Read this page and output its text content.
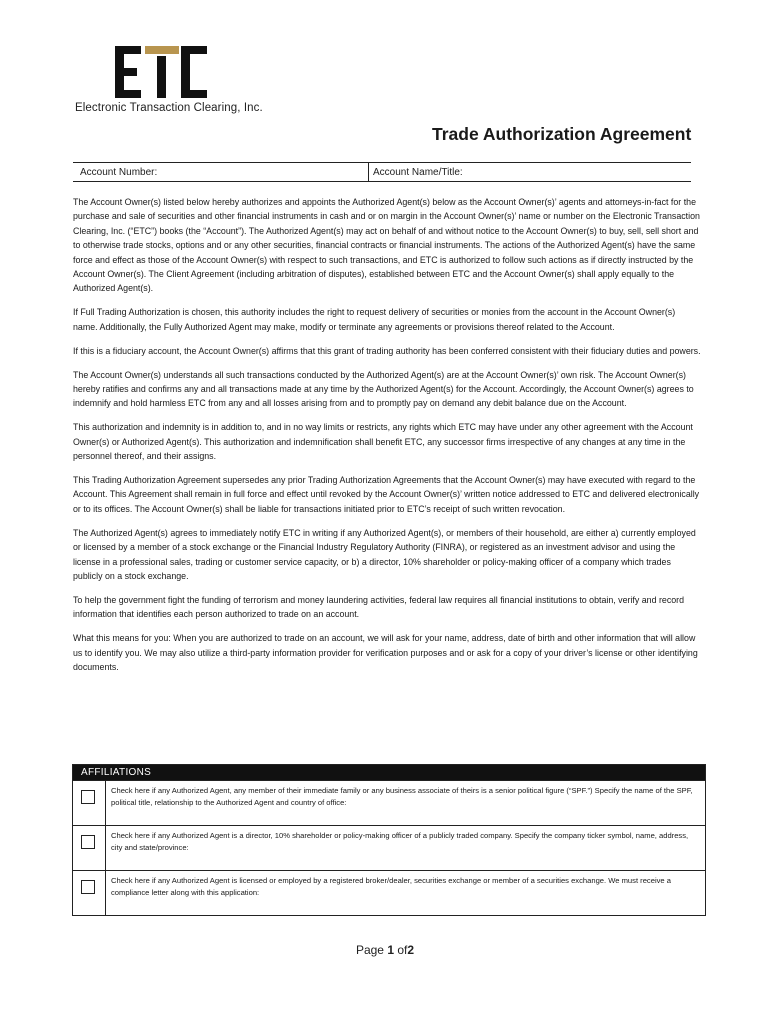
Electronic Transaction Clearing, Inc.
Trade Authorization Agreement
Account Number:	Account Name/Title:

The Account Owner(s) listed below hereby authorizes and appoints the Authorized Agent(s) below as the Account Owner(s)’ agents and attorneys-in-fact for the purchase and sale of securities and other financial instruments in cash and or on margin in the Account Owner(s)’ name or number on the Electronic Transaction Clearing, Inc. (“ETC”) books (the “Account”). The Authorized Agent(s) may act on behalf of and without notice to the Account Owner(s) to buy, sell, sell short and to otherwise trade stocks, options and or any other securities, financial contracts or financial instruments. The actions of the Authorized Agent(s) have the same force and effect as those of the Account Owner(s) with respect to such transactions, and ETC is authorized to follow such actions as if directly instructed by the Account Owner(s). The Client Agreement (including arbitration of disputes), established between ETC and the Account Owner(s) shall apply equally to the Authorized Agent(s).

If Full Trading Authorization is chosen, this authority includes the right to request delivery of securities or monies from the account in the Account Owner(s) name. Additionally, the Fully Authorized Agent may make, modify or terminate any agreements or provisions thereof related to the Account.

If this is a fiduciary account, the Account Owner(s) affirms that this grant of trading authority has been conferred consistent with their fiduciary duties and powers.

The Account Owner(s) understands all such transactions conducted by the Authorized Agent(s) are at the Account Owner(s)’ own risk. The Account Owner(s) hereby ratifies and confirms any and all transactions made at any time by the Authorized Agent(s) for the Account. Accordingly, the Account Owner(s) agrees to indemnify and hold harmless ETC from any and all losses arising from and to promptly pay on demand any debit balance due on the Account.

This authorization and indemnity is in addition to, and in no way limits or restricts, any rights which ETC may have under any other agreement with the Account Owner(s) or Authorized Agent(s). This authorization and indemnification shall benefit ETC, any successor firms irrespective of any changes at any time in the personnel thereof, and their assigns.

This Trading Authorization Agreement supersedes any prior Trading Authorization Agreements that the Account Owner(s) may have executed with regard to the Account. This Agreement shall remain in full force and effect until revoked by the Account Owner(s)’ written notice addressed to ETC and delivered electronically or to its offices. The Account Owner(s) shall be liable for transactions initiated prior to ETC’s receipt of such written revocation.

The Authorized Agent(s) agrees to immediately notify ETC in writing if any Authorized Agent(s), or members of their household, are either a) currently employed or licensed by a member of a stock exchange or the Financial Industry Regulatory Authority (FINRA), or registered as an investment advisor and using the license in a professional sales, trading or customer service capacity, or b) a director, 10% shareholder or policy-making officer of a company which trades publicly on a stock exchange.

To help the government fight the funding of terrorism and money laundering activities, federal law requires all financial institutions to obtain, verify and record information that identifies each person authorized to trade on an account.

What this means for you: When you are authorized to trade on an account, we will ask for your name, address, date of birth and other information that will allow us to identify you. We may also utilize a third-party information provider for verification purposes and or ask for a copy of your driver’s license or other identifying documents.

AFFILIATIONS
Check here if any Authorized Agent, any member of their immediate family or any business associate of theirs is a senior political figure (“SPF.”) Specify the name of the SPF, political title, relationship to the Authorized Agent and country of office:
Check here if any Authorized Agent is a director, 10% shareholder or policy-making officer of a publicly traded company. Specify the company ticker symbol, name, address, city and state/province:
Check here if any Authorized Agent is licensed or employed by a registered broker/dealer, securities exchange or member of a securities exchange. We must receive a compliance letter along with this application:
Page 1 of2
